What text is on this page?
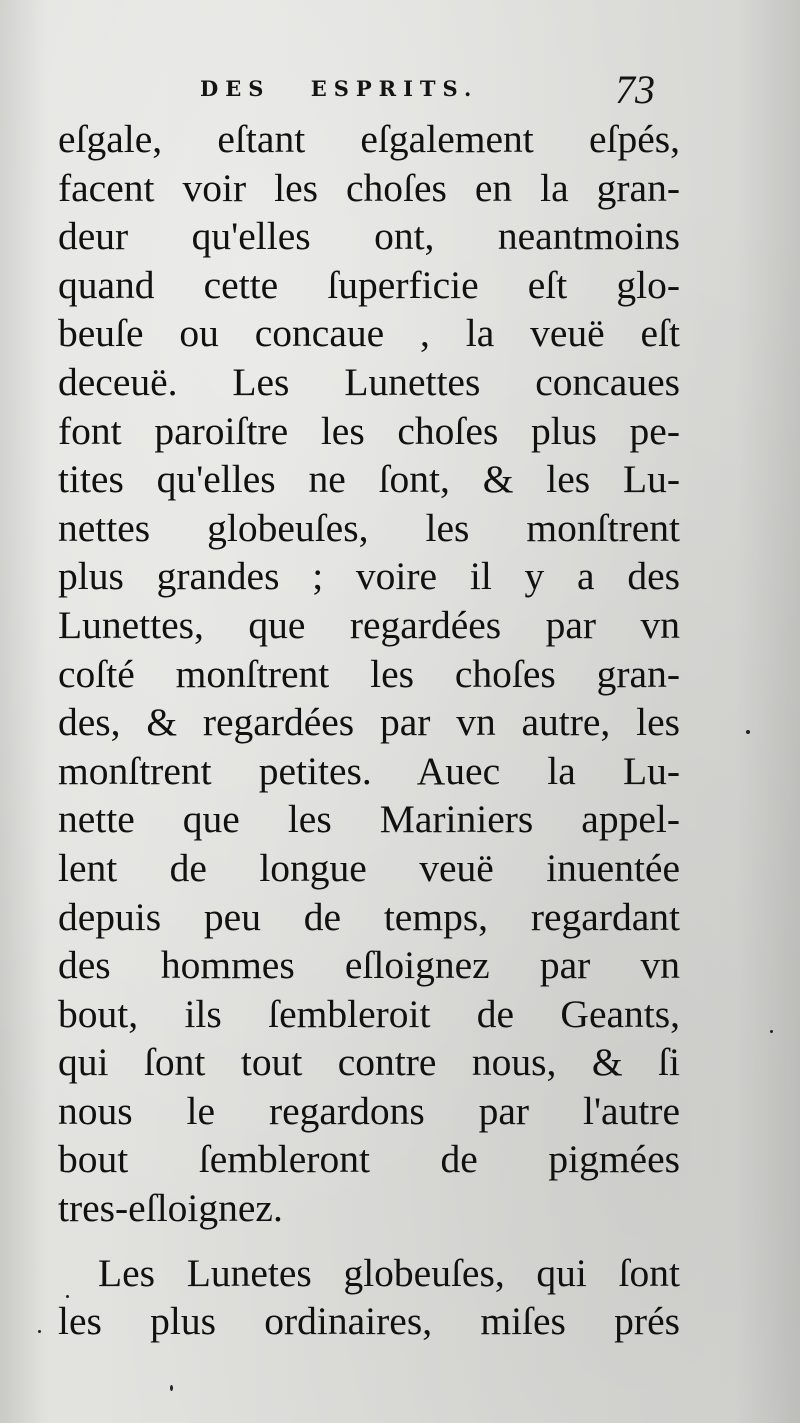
DES ESPRITS.	73
eſgale, eſtant eſgalement eſpés,
facent voir les choſes en la gran-
deur qu'elles ont, neantmoins
quand cette ſuperficie eſt glo-
beuſe ou concaue , la veuë eſt
deceuë. Les Lunettes concaues
font paroiſtre les choſes plus pe-
tites qu'elles ne ſont, & les Lu-
nettes globeuſes, les monſtrent
plus grandes ; voire il y a des
Lunettes, que regardées par vn
coſté monſtrent les choſes gran-
des, & regardées par vn autre, les
monſtrent petites. Auec la Lu-
nette que les Mariniers appel-
lent de longue veuë inuentée
depuis peu de temps, regardant
des hommes eſloignez par vn
bout, ils ſembleroit de Geants,
qui ſont tout contre nous, & ſi
nous le regardons par l'autre
bout ſembleront de pigmées
tres-eſloignez.
Les Lunetes globeuſes, qui ſont
les plus ordinaires, miſes prés
